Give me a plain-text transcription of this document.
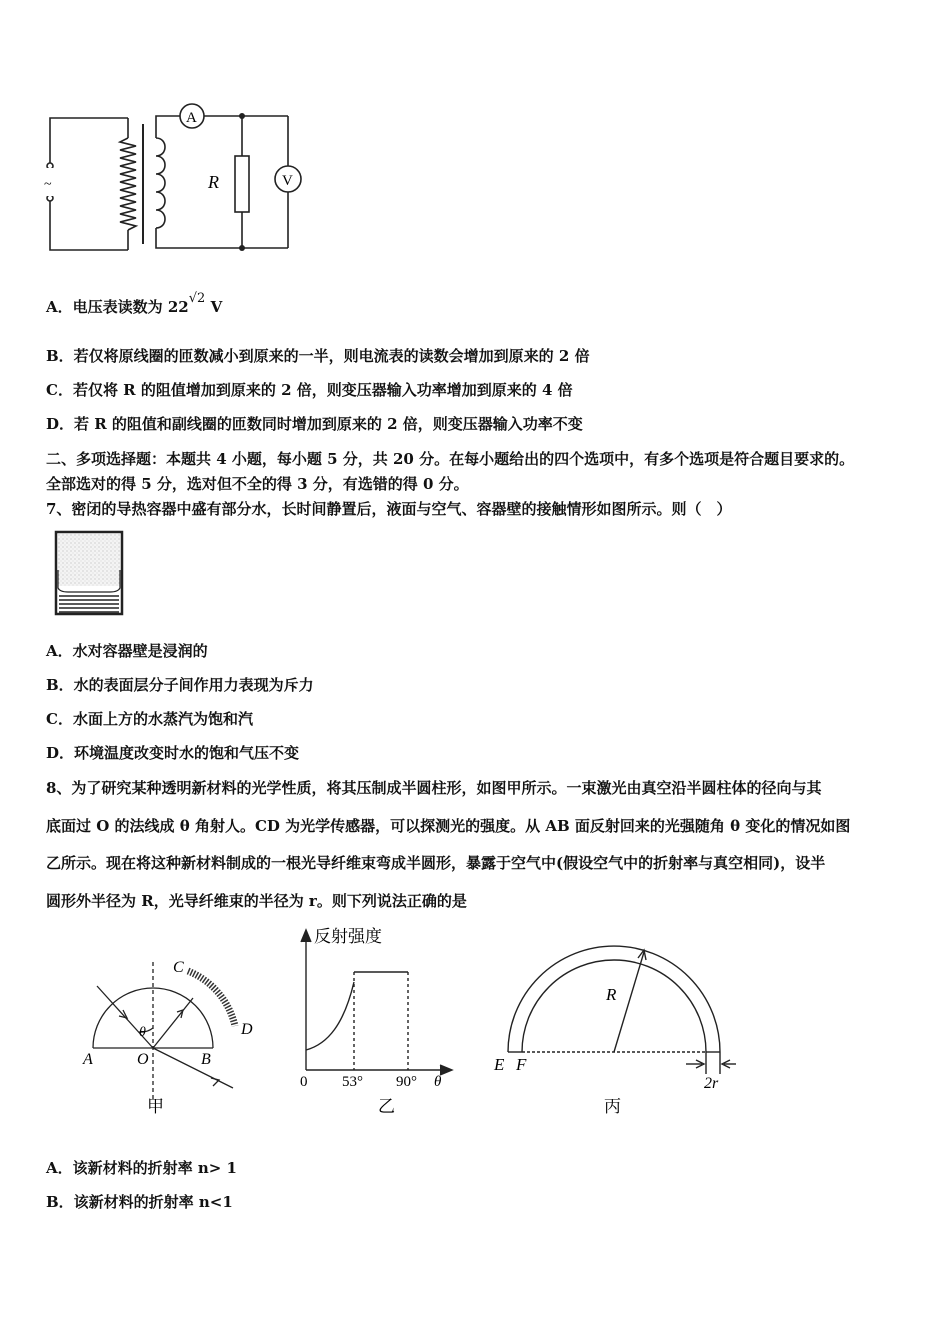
~
A
V
R
A．电压表读数为 22√2 V
B．若仅将原线圈的匝数减小到原来的一半，则电流表的读数会增加到原来的 2 倍
C．若仅将 R 的阻值增加到原来的 2 倍，则变压器输入功率增加到原来的 4 倍
D．若 R 的阻值和副线圈的匝数同时增加到原来的 2 倍，则变压器输入功率不变
二、多项选择题：本题共 4 小题，每小题 5 分，共 20 分。在每小题给出的四个选项中，有多个选项是符合题目要求的。
全部选对的得 5 分，选对但不全的得 3 分，有选错的得 0 分。
7、密闭的导热容器中盛有部分水，长时间静置后，液面与空气、容器壁的接触情形如图所示。则（　）
A．水对容器壁是浸润的
B．水的表面层分子间作用力表现为斥力
C．水面上方的水蒸汽为饱和汽
D．环境温度改变时水的饱和气压不变
8、为了研究某种透明新材料的光学性质，将其压制成半圆柱形，如图甲所示。一束激光由真空沿半圆柱体的径向与其
底面过 O 的法线成 θ 角射人。CD 为光学传感器，可以探测光的强度。从 AB 面反射回来的光强随角 θ 变化的情况如图
乙所示。现在将这种新材料制成的一根光导纤维束弯成半圆形，暴露于空气中(假设空气中的折射率与真空相同)，设半
圆形外半径为 R，光导纤维束的半径为 r。则下列说法正确的是
C
D
A	O	B
θ
甲
反射强度
0 53° 90° θ
乙
R
E F
2r
丙
A．该新材料的折射率 n> 1
B．该新材料的折射率 n<1
